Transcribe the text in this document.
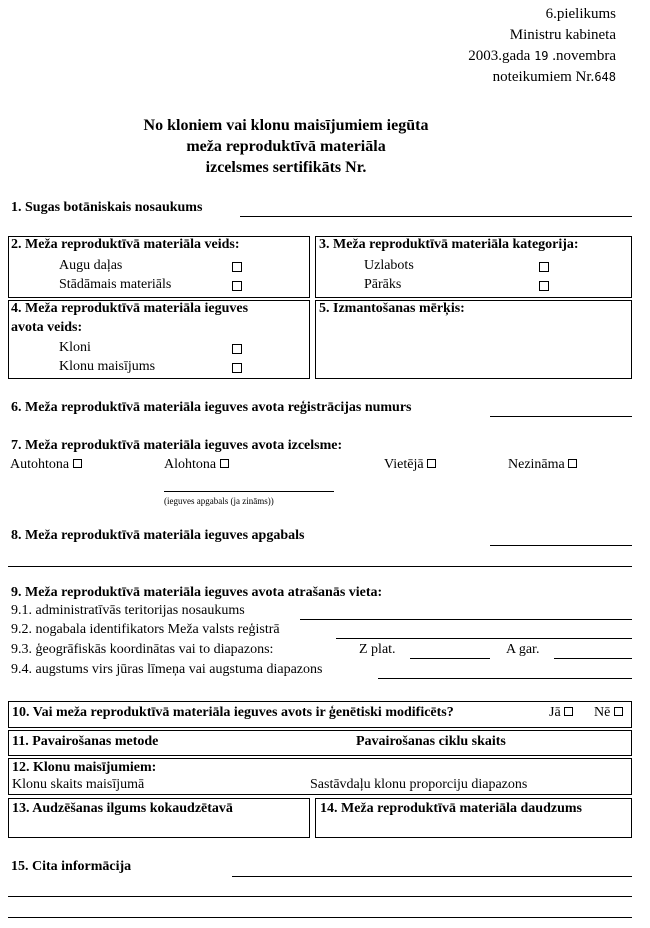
6.pielikums
Ministru kabineta
2003.gada 19 .novembra
noteikumiem Nr.648
No kloniem vai klonu maisījumiem iegūta
meža reproduktīvā materiāla
izcelsmes sertifikāts Nr.
1. Sugas botāniskais nosaukums
2. Meža reproduktīvā materiāla veids:
Augu daļas
Stādāmais materiāls
3. Meža reproduktīvā materiāla kategorija:
Uzlabots
Pārāks
4. Meža reproduktīvā materiāla ieguves
avota veids:
Kloni
Klonu maisījums
5. Izmantošanas mērķis:
6. Meža reproduktīvā materiāla ieguves avota reģistrācijas numurs
7. Meža reproduktīvā materiāla ieguves avota izcelsme:
Autohtona	Alohtona	Vietējā	Nezināma
(ieguves apgabals (ja zināms))
8. Meža reproduktīvā materiāla ieguves apgabals
9. Meža reproduktīvā materiāla ieguves avota atrašanās vieta:
9.1. administratīvās teritorijas nosaukums
9.2. nogabala identifikators Meža valsts reģistrā
9.3. ģeogrāfiskās koordinātas vai to diapazons:	Z plat.	A gar.
9.4. augstums virs jūras līmeņa vai augstuma diapazons
10. Vai meža reproduktīvā materiāla ieguves avots ir ģenētiski modificēts?	Jā	Nē
11. Pavairošanas metode	Pavairošanas ciklu skaits
12. Klonu maisījumiem:
Klonu skaits maisījumā	Sastāvdaļu klonu proporciju diapazons
13. Audzēšanas ilgums kokaudzētavā	14. Meža reproduktīvā materiāla daudzums
15. Cita informācija
